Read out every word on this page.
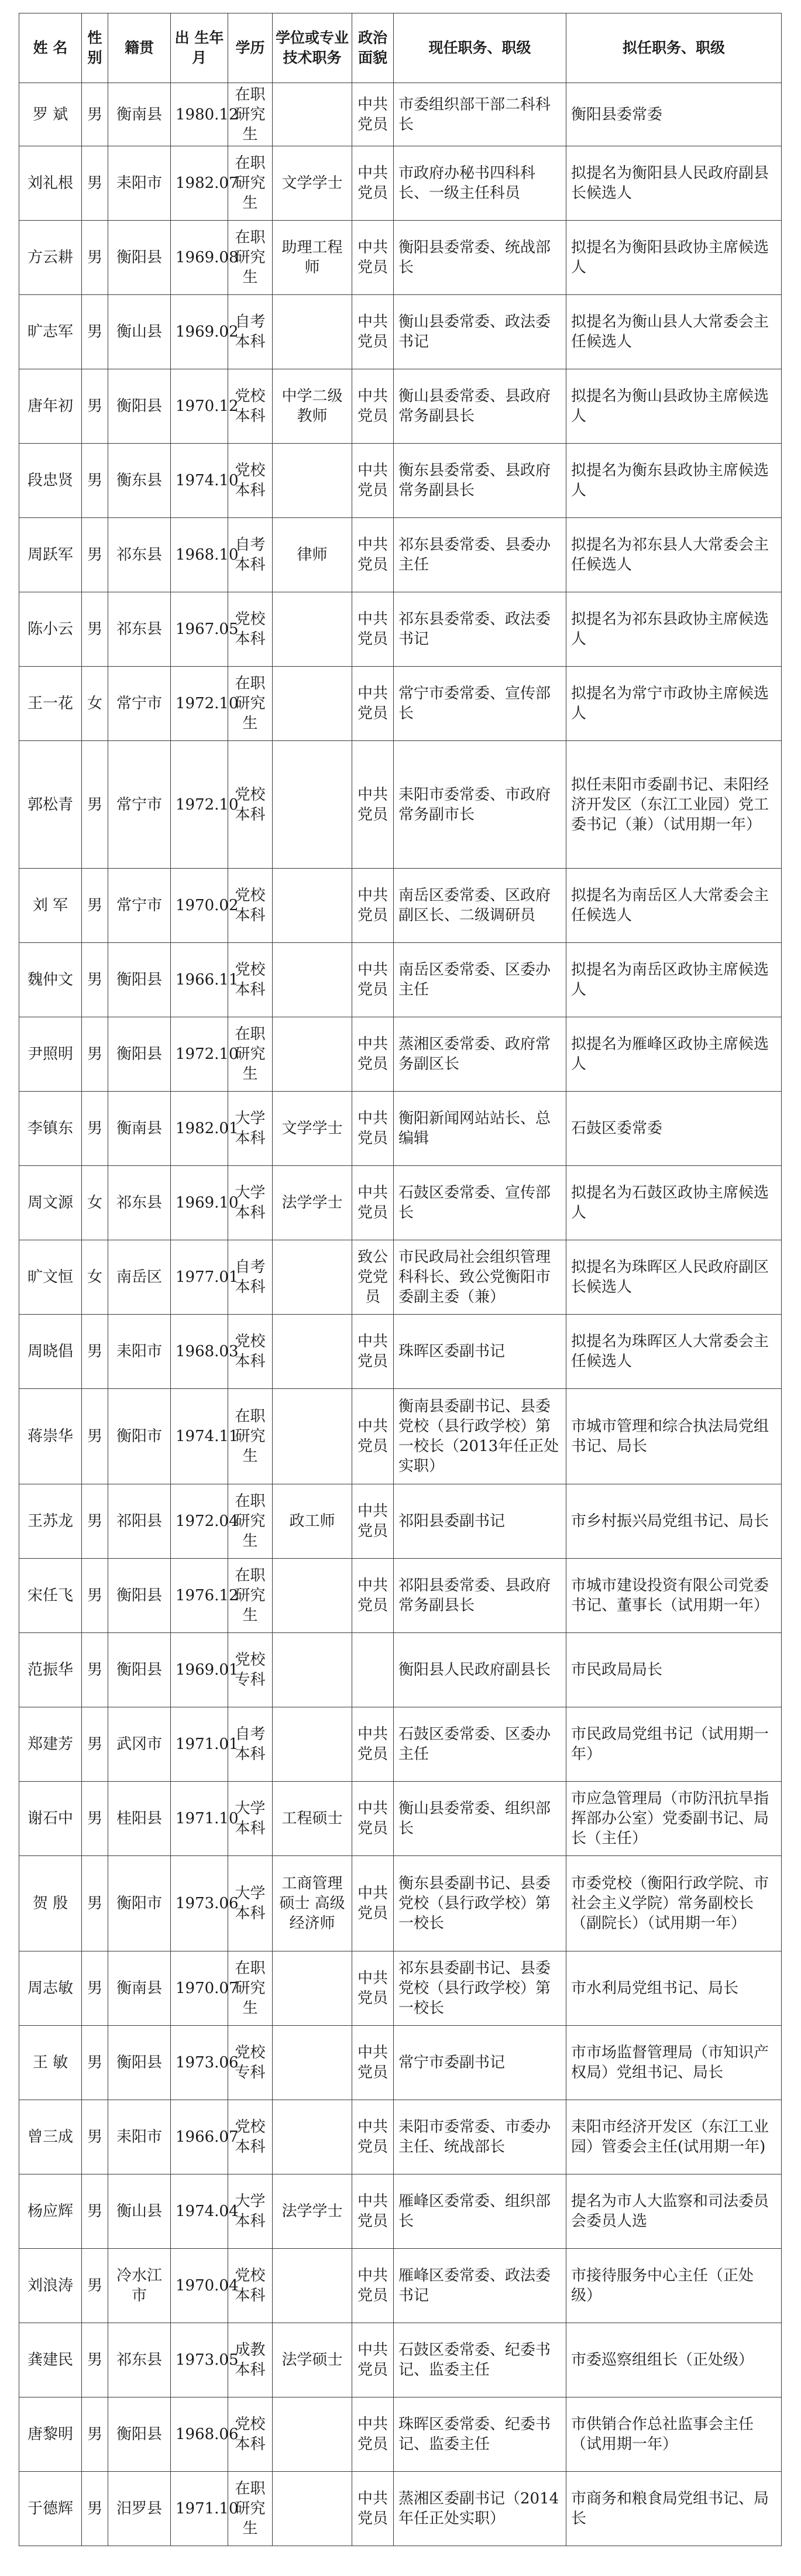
姓 名	性别	籍贯	出 生年 月	学历	学位或专业技术职务	政治面貌	现任职务、职级	拟任职务、职级
罗 斌	男	衡南县	1980.12	在职研究生		中共党员	市委组织部干部二科科长	衡阳县委常委
刘礼根	男	耒阳市	1982.07	在职研究生	文学学士	中共党员	市政府办秘书四科科长、一级主任科员	拟提名为衡阳县人民政府副县长候选人
方云耕	男	衡阳县	1969.08	在职研究生	助理工程师	中共党员	衡阳县委常委、统战部长	拟提名为衡阳县政协主席候选人
旷志军	男	衡山县	1969.02	自考本科		中共党员	衡山县委常委、政法委书记	拟提名为衡山县人大常委会主任候选人
唐年初	男	衡阳县	1970.12	党校本科	中学二级教师	中共党员	衡山县委常委、县政府常务副县长	拟提名为衡山县政协主席候选人
段忠贤	男	衡东县	1974.10	党校本科		中共党员	衡东县委常委、县政府常务副县长	拟提名为衡东县政协主席候选人
周跃军	男	祁东县	1968.10	自考本科	律师	中共党员	祁东县委常委、县委办主任	拟提名为祁东县人大常委会主任候选人
陈小云	男	祁东县	1967.05	党校本科		中共党员	祁东县委常委、政法委书记	拟提名为祁东县政协主席候选人
王一花	女	常宁市	1972.10	在职研究生		中共党员	常宁市委常委、宣传部长	拟提名为常宁市政协主席候选人
郭松青	男	常宁市	1972.10	党校本科		中共党员	耒阳市委常委、市政府常务副市长	拟任耒阳市委副书记、耒阳经济开发区（东江工业园）党工委书记（兼）（试用期一年）
刘 军	男	常宁市	1970.02	党校本科		中共党员	南岳区委常委、区政府副区长、二级调研员	拟提名为南岳区人大常委会主任候选人
魏仲文	男	衡阳县	1966.11	党校本科		中共党员	南岳区委常委、区委办主任	拟提名为南岳区政协主席候选人
尹照明	男	衡阳县	1972.10	在职研究生		中共党员	蒸湘区委常委、政府常务副区长	拟提名为雁峰区政协主席候选人
李镇东	男	衡南县	1982.01	大学本科	文学学士	中共党员	衡阳新闻网站站长、总编辑	石鼓区委常委
周文源	女	祁东县	1969.10	大学本科	法学学士	中共党员	石鼓区委常委、宣传部长	拟提名为石鼓区政协主席候选人
旷文恒	女	南岳区	1977.01	自考本科		致公党党员	市民政局社会组织管理科科长、致公党衡阳市委副主委（兼）	拟提名为珠晖区人民政府副区长候选人
周晓倡	男	耒阳市	1968.03	党校本科		中共党员	珠晖区委副书记	拟提名为珠晖区人大常委会主任候选人
蒋崇华	男	衡阳市	1974.11	在职研究生		中共党员	衡南县委副书记、县委党校（县行政学校）第一校长（2013年任正处实职）	市城市管理和综合执法局党组书记、局长
王苏龙	男	祁阳县	1972.04	在职研究生	政工师	中共党员	祁阳县委副书记	市乡村振兴局党组书记、局长
宋任飞	男	衡阳县	1976.12	在职研究生		中共党员	祁阳县委常委、县政府常务副县长	市城市建设投资有限公司党委书记、董事长（试用期一年）
范振华	男	衡阳县	1969.01	党校专科			衡阳县人民政府副县长	市民政局局长
郑建芳	男	武冈市	1971.01	自考本科		中共党员	石鼓区委常委、区委办主任	市民政局党组书记（试用期一年）
谢石中	男	桂阳县	1971.10	大学本科	工程硕士	中共党员	衡山县委常委、组织部长	市应急管理局（市防汛抗旱指挥部办公室）党委副书记、局长（主任）
贺 殷	男	衡阳市	1973.06	大学本科	工商管理硕士 高级经济师	中共党员	衡东县委副书记、县委党校（县行政学校）第一校长	市委党校（衡阳行政学院、市社会主义学院）常务副校长（副院长）（试用期一年）
周志敏	男	衡南县	1970.07	在职研究生		中共党员	祁东县委副书记、县委党校（县行政学校）第一校长	市水利局党组书记、局长
王 敏	男	衡阳县	1973.06	党校专科		中共党员	常宁市委副书记	市市场监督管理局（市知识产权局）党组书记、局长
曾三成	男	耒阳市	1966.07	党校本科		中共党员	耒阳市委常委、市委办主任、统战部长	耒阳市经济开发区（东江工业园）管委会主任(试用期一年)
杨应辉	男	衡山县	1974.04	大学本科	法学学士	中共党员	雁峰区委常委、组织部长	提名为市人大监察和司法委员会委员人选
刘浪涛	男	冷水江市	1970.04	党校本科		中共党员	雁峰区委常委、政法委书记	市接待服务中心主任（正处级）
龚建民	男	祁东县	1973.05	成教本科	法学硕士	中共党员	石鼓区委常委、纪委书记、监委主任	市委巡察组组长（正处级）
唐黎明	男	衡阳县	1968.06	党校本科		中共党员	珠晖区委常委、纪委书记、监委主任	市供销合作总社监事会主任（试用期一年）
于德辉	男	汨罗县	1971.10	在职研究生		中共党员	蒸湘区委副书记（2014年任正处实职）	市商务和粮食局党组书记、局长
